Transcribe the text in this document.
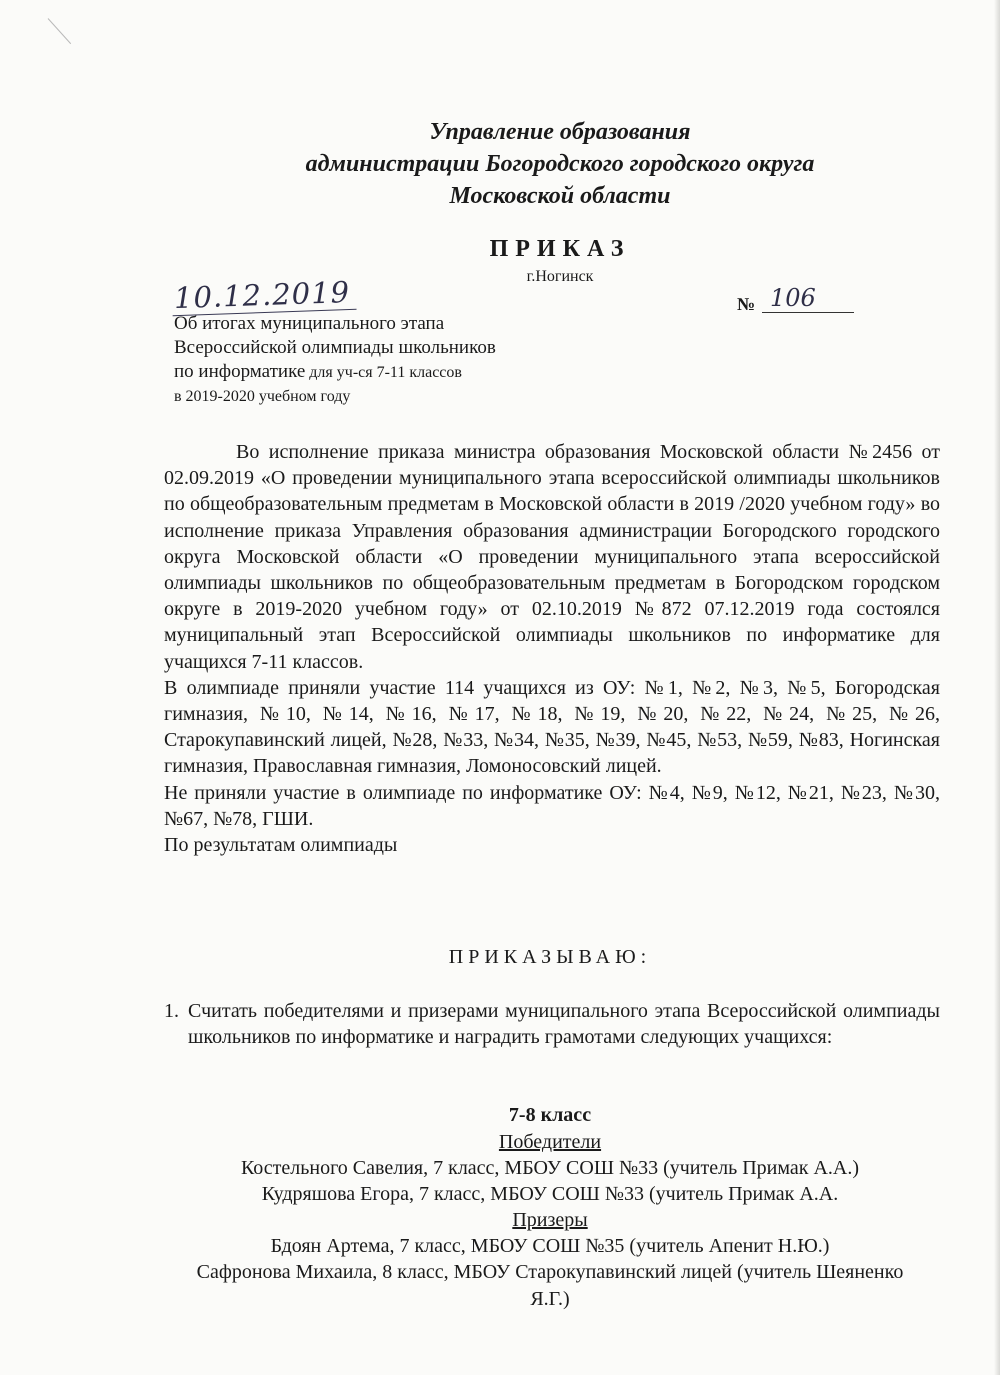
Управление образования
администрации Богородского городского округа
Московской области
ПРИКАЗ
г.Ногинск
10.12.2019	№ 106
Об итогах муниципального этапа
Всероссийской олимпиады школьников
по информатике для уч-ся 7-11 классов
в 2019-2020 учебном году

Во исполнение приказа министра образования Московской области №2456 от 02.09.2019 «О проведении муниципального этапа всероссийской олимпиады школьников по общеобразовательным предметам в Московской области в 2019 /2020 учебном году» во исполнение приказа Управления образования администрации Богородского городского округа Московской области «О проведении муниципального этапа всероссийской олимпиады школьников по общеобразовательным предметам в Богородском городском округе в 2019-2020 учебном году» от 02.10.2019 №872 07.12.2019 года состоялся муниципальный этап Всероссийской олимпиады школьников по информатике для учащихся 7-11 классов.

В олимпиаде приняли участие 114 учащихся из ОУ: №1, №2, №3, №5, Богородская гимназия, №10, №14, №16, №17, №18, №19, №20, №22, №24, №25, №26, Старокупавинский лицей, №28, №33, №34, №35, №39, №45, №53, №59, №83, Ногинская гимназия, Православная гимназия, Ломоносовский лицей.

Не приняли участие в олимпиаде по информатике ОУ: №4, №9, №12, №21, №23, №30, №67, №78, ГШИ.

По результатам олимпиады

ПРИКАЗЫВАЮ:
1. Считать победителями и призерами муниципального этапа Всероссийской олимпиады школьников по информатике и наградить грамотами следующих учащихся:
7-8 класс
Победители
Костельного Савелия, 7 класс, МБОУ СОШ №33 (учитель Примак А.А.)
Кудряшова Егора, 7 класс, МБОУ СОШ №33 (учитель Примак А.А.
Призеры
Бдоян Артема, 7 класс, МБОУ СОШ №35 (учитель Апенит Н.Ю.)
Сафронова Михаила, 8 класс, МБОУ Старокупавинский лицей (учитель Шеяненко Я.Г.)
